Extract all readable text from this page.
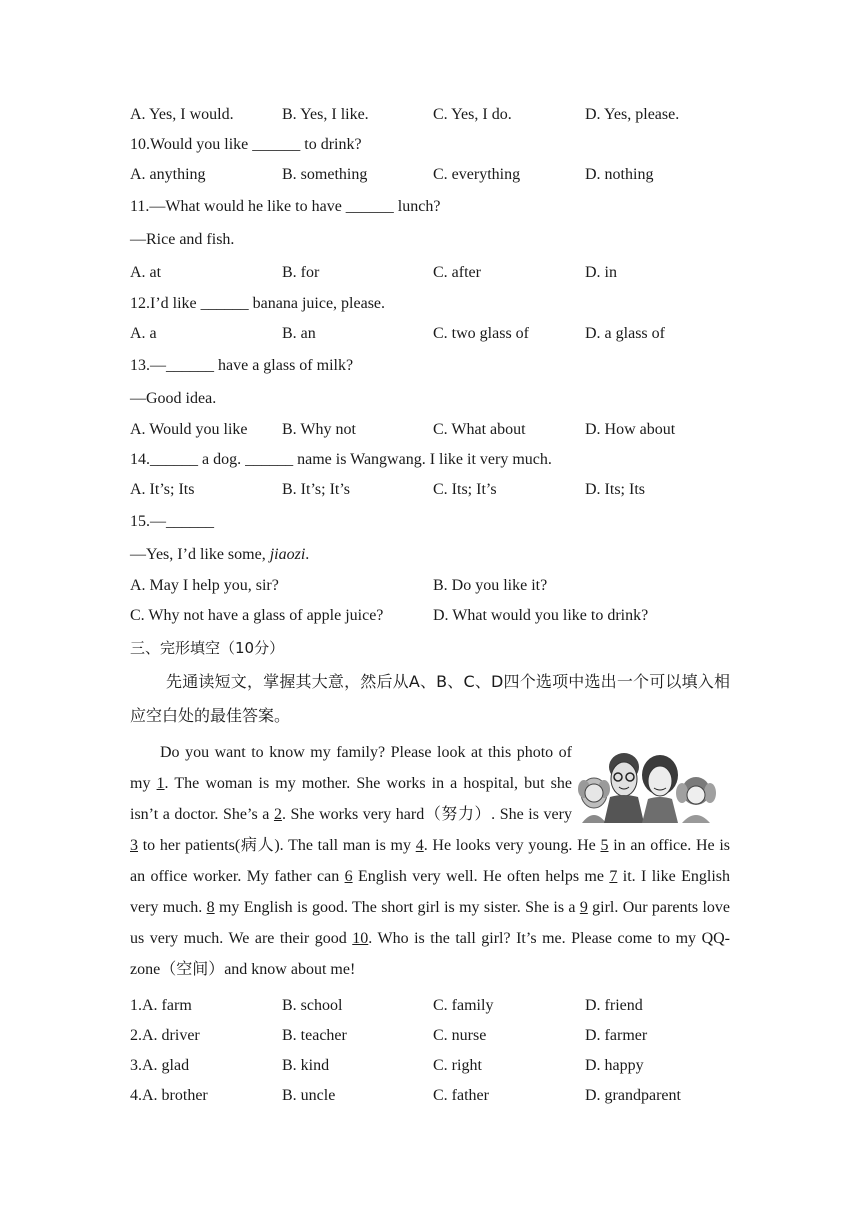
A. Yes, I would.	B. Yes, I like.	C. Yes, I do.	D. Yes, please.
10.Would you like ______ to drink?
A. anything	B. something	C. everything	D. nothing
11.—What would he like to have ______ lunch?
—Rice and fish.
A. at	B. for	C. after	D. in
12.I’d like ______ banana juice, please.
A. a	B. an	C. two glass of	D. a glass of
13.—______ have a glass of milk?
—Good idea.
A. Would you like B. Why not	C. What about	D. How about
14.______ a dog. ______ name is Wangwang. I like it very much.
A. It’s; Its	B. It’s; It’s	C. Its; It’s	D. Its; Its
15.—______
—Yes, I’d like some, jiaozi.
A. May I help you, sir?	B. Do you like it?
C. Why not have a glass of apple juice?	D. What would you like to drink?
三、完形填空（10分）

先通读短文，掌握其大意，然后从A、B、C、D四个选项中选出一个可以填入相应空白处的最佳答案。

Do you want to know my family? Please look at this photo of my 1. The woman is my mother. She works in a hospital, but she isn’t a doctor. She’s a 2. She works very hard（努力）. She is very 3 to her patients(病人). The tall man is my 4. He looks very young. He 5 in an office. He is an office worker. My father can 6 English very well. He often helps me 7 it. I like English very much. 8 my English is good. The short girl is my sister. She is a 9 girl. Our parents love us very much. We are their good 10. Who is the tall girl? It’s me. Please come to my QQ-zone（空间）and know about me!

1.A. farm	B. school	C. family	D. friend
2.A. driver	B. teacher	C. nurse	D. farmer
3.A. glad	B. kind	C. right	D. happy
4.A. brother	B. uncle	C. father	D. grandparent
